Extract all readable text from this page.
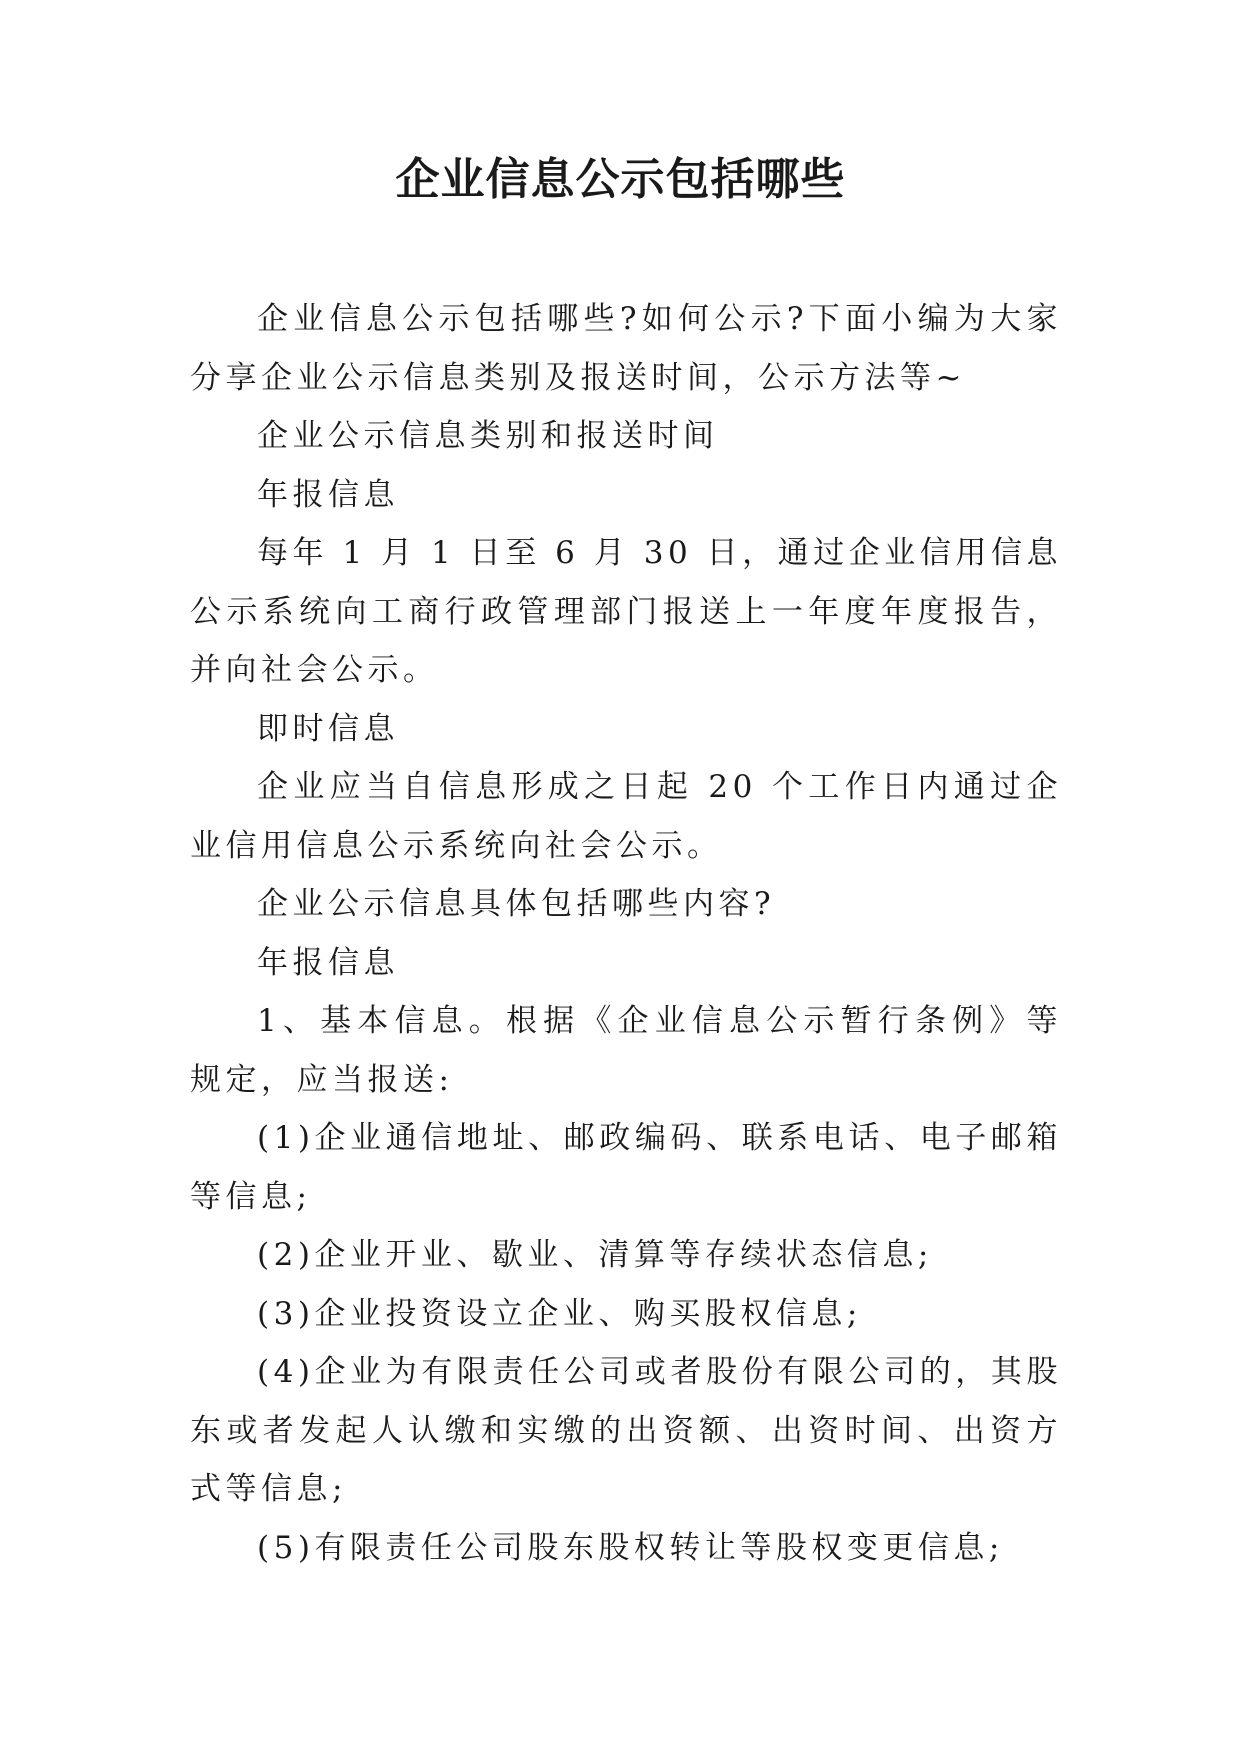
企业信息公示包括哪些

企业信息公示包括哪些?如何公示?下面小编为大家分享企业公示信息类别及报送时间，公示方法等~

企业公示信息类别和报送时间

年报信息

每年 1 月 1 日至 6 月 30 日，通过企业信用信息公示系统向工商行政管理部门报送上一年度年度报告，并向社会公示。

即时信息

企业应当自信息形成之日起 20 个工作日内通过企业信用信息公示系统向社会公示。

企业公示信息具体包括哪些内容?

年报信息

1、基本信息。根据《企业信息公示暂行条例》等规定，应当报送:

(1)企业通信地址、邮政编码、联系电话、电子邮箱等信息;

(2)企业开业、歇业、清算等存续状态信息;

(3)企业投资设立企业、购买股权信息;

(4)企业为有限责任公司或者股份有限公司的，其股 东或者发起人认缴和实缴的出资额、出资时间、出资方式等信息;

(5)有限责任公司股东股权转让等股权变更信息;
